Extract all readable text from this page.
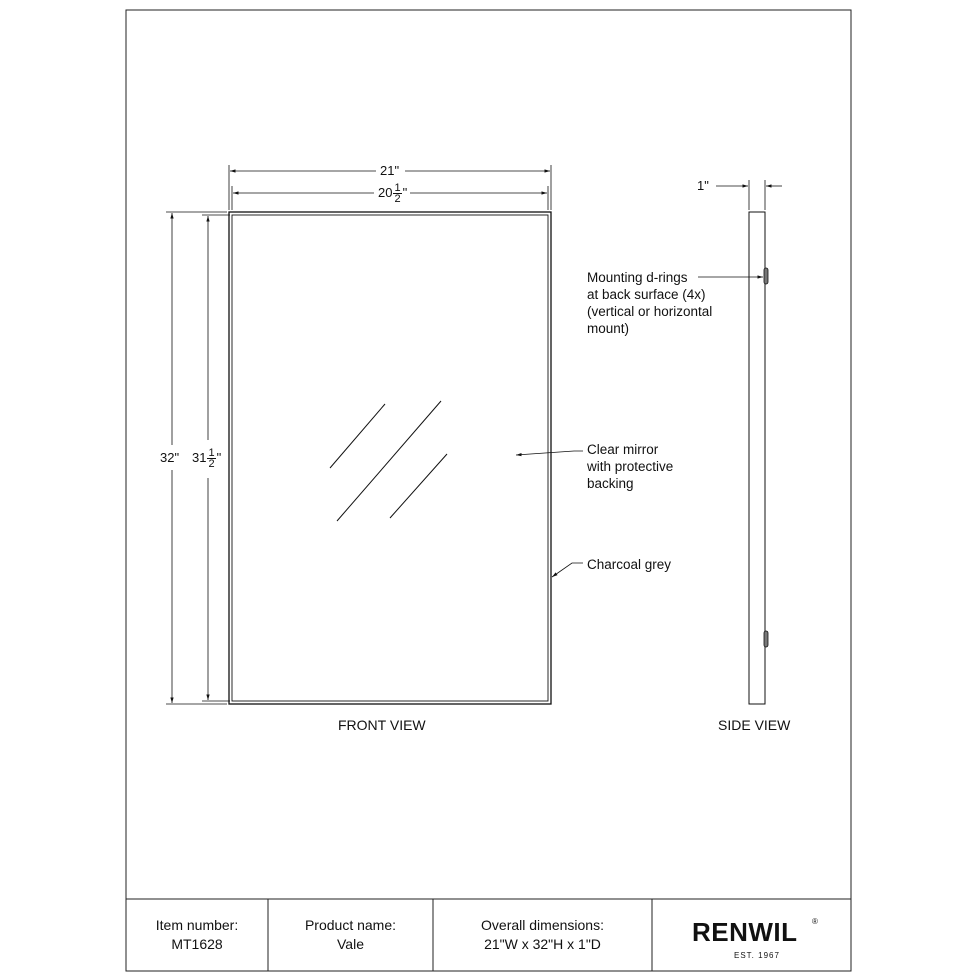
21"
$20 \frac{1}{2}$ "
32" $31 \frac{1}{2}$ "
1"
Mounting d-rings
at back surface (4x)
(vertical or horizontal
mount)
Clear mirror
with protective
backing
Charcoal grey
FRONT VIEW	SIDE VIEW
Item number:
MT1628
Product name:
Vale
Overall dimensions:
21"W x 32"H x 1"D	RENWIL ®
EST. 1967
